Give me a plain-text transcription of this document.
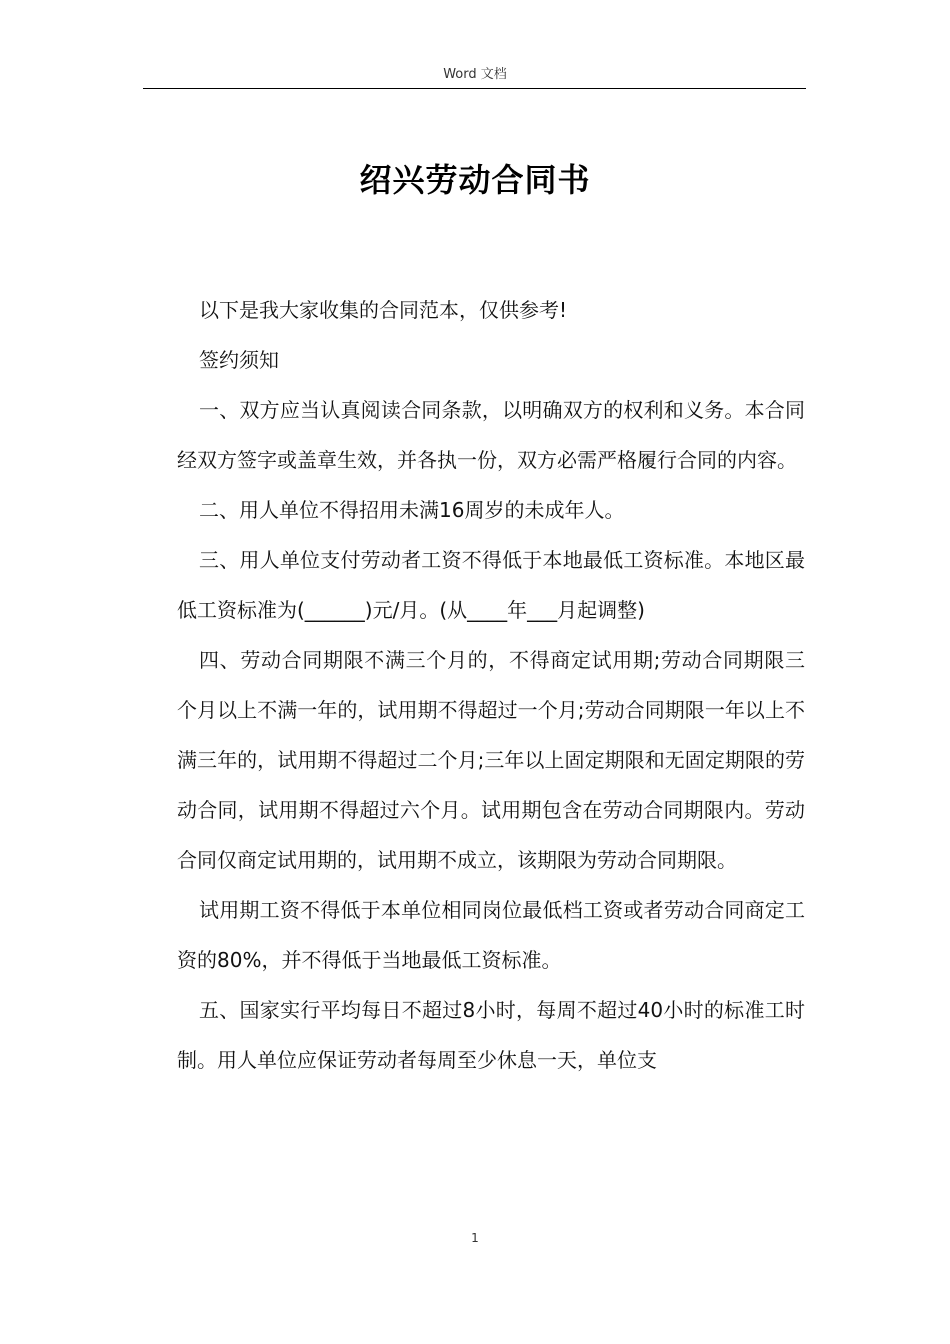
Word 文档
绍兴劳动合同书

以下是我大家收集的合同范本，仅供参考!

签约须知

一、双方应当认真阅读合同条款，以明确双方的权利和义务。本合同经双方签字或盖章生效，并各执一份，双方必需严格履行合同的内容。

二、用人单位不得招用未满16周岁的未成年人。

三、用人单位支付劳动者工资不得低于本地最低工资标准。本地区最低工资标准为(______)元/月。(从____年___月起调整)

四、劳动合同期限不满三个月的，不得商定试用期;劳动合同期限三个月以上不满一年的，试用期不得超过一个月;劳动合同期限一年以上不满三年的，试用期不得超过二个月;三年以上固定期限和无固定期限的劳动合同，试用期不得超过六个月。试用期包含在劳动合同期限内。劳动合同仅商定试用期的，试用期不成立，该期限为劳动合同期限。

试用期工资不得低于本单位相同岗位最低档工资或者劳动合同商定工资的80%，并不得低于当地最低工资标准。

五、国家实行平均每日不超过8小时，每周不超过40小时的标准工时制。用人单位应保证劳动者每周至少休息一天，单位支

1
